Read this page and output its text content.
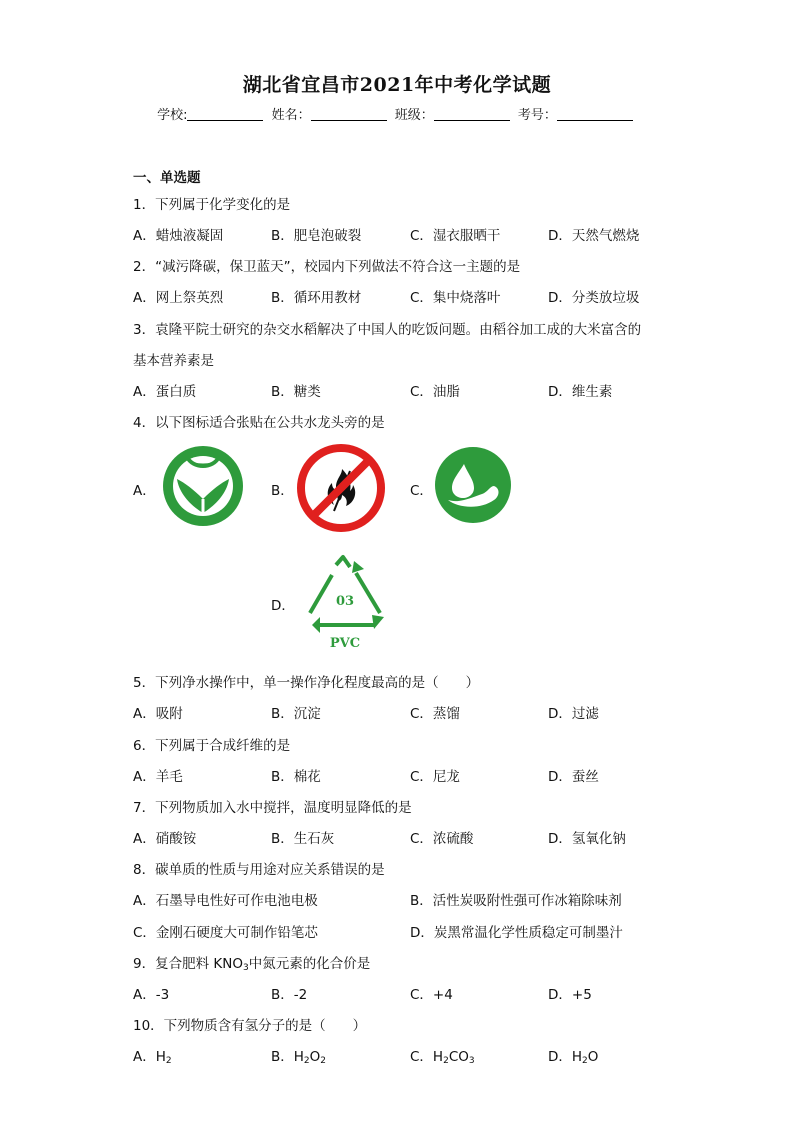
湖北省宜昌市2021年中考化学试题
学校:	姓名：	班级：	考号：
一、单选题
1．下列属于化学变化的是
A．蜡烛液凝固	B．肥皂泡破裂	C．湿衣服晒干	D．天然气燃烧
2．“减污降碳，保卫蓝天”，校园内下列做法不符合这一主题的是
A．网上祭英烈	B．循环用教材	C．集中烧落叶	D．分类放垃圾
3．袁隆平院士研究的杂交水稻解决了中国人的吃饭问题。由稻谷加工成的大米富含的
基本营养素是
A．蛋白质	B．糖类	C．油脂	D．维生素
4．以下图标适合张贴在公共水龙头旁的是
A．	B．	C．
D．	03
PVC
5．下列净水操作中，单一操作净化程度最高的是（　　）
A．吸附	B．沉淀	C．蒸馏	D．过滤
6．下列属于合成纤维的是
A．羊毛	B．棉花	C．尼龙	D．蚕丝
7．下列物质加入水中搅拌，温度明显降低的是
A．硝酸铵	B．生石灰	C．浓硫酸	D．氢氧化钠
8．碳单质的性质与用途对应关系错误的是
A．石墨导电性好可作电池电极	B．活性炭吸附性强可作冰箱除味剂
C．金刚石硬度大可制作铅笔芯	D．炭黑常温化学性质稳定可制墨汁
9．复合肥料 $KNO_3$中氮元素的化合价是
A．-3	B．-2	C．+4	D．+5
10．下列物质含有氢分子的是（　　）
A．$H_2$	B．$H_2O_2$	C．$H_2CO_3$	D．$H_2O$
